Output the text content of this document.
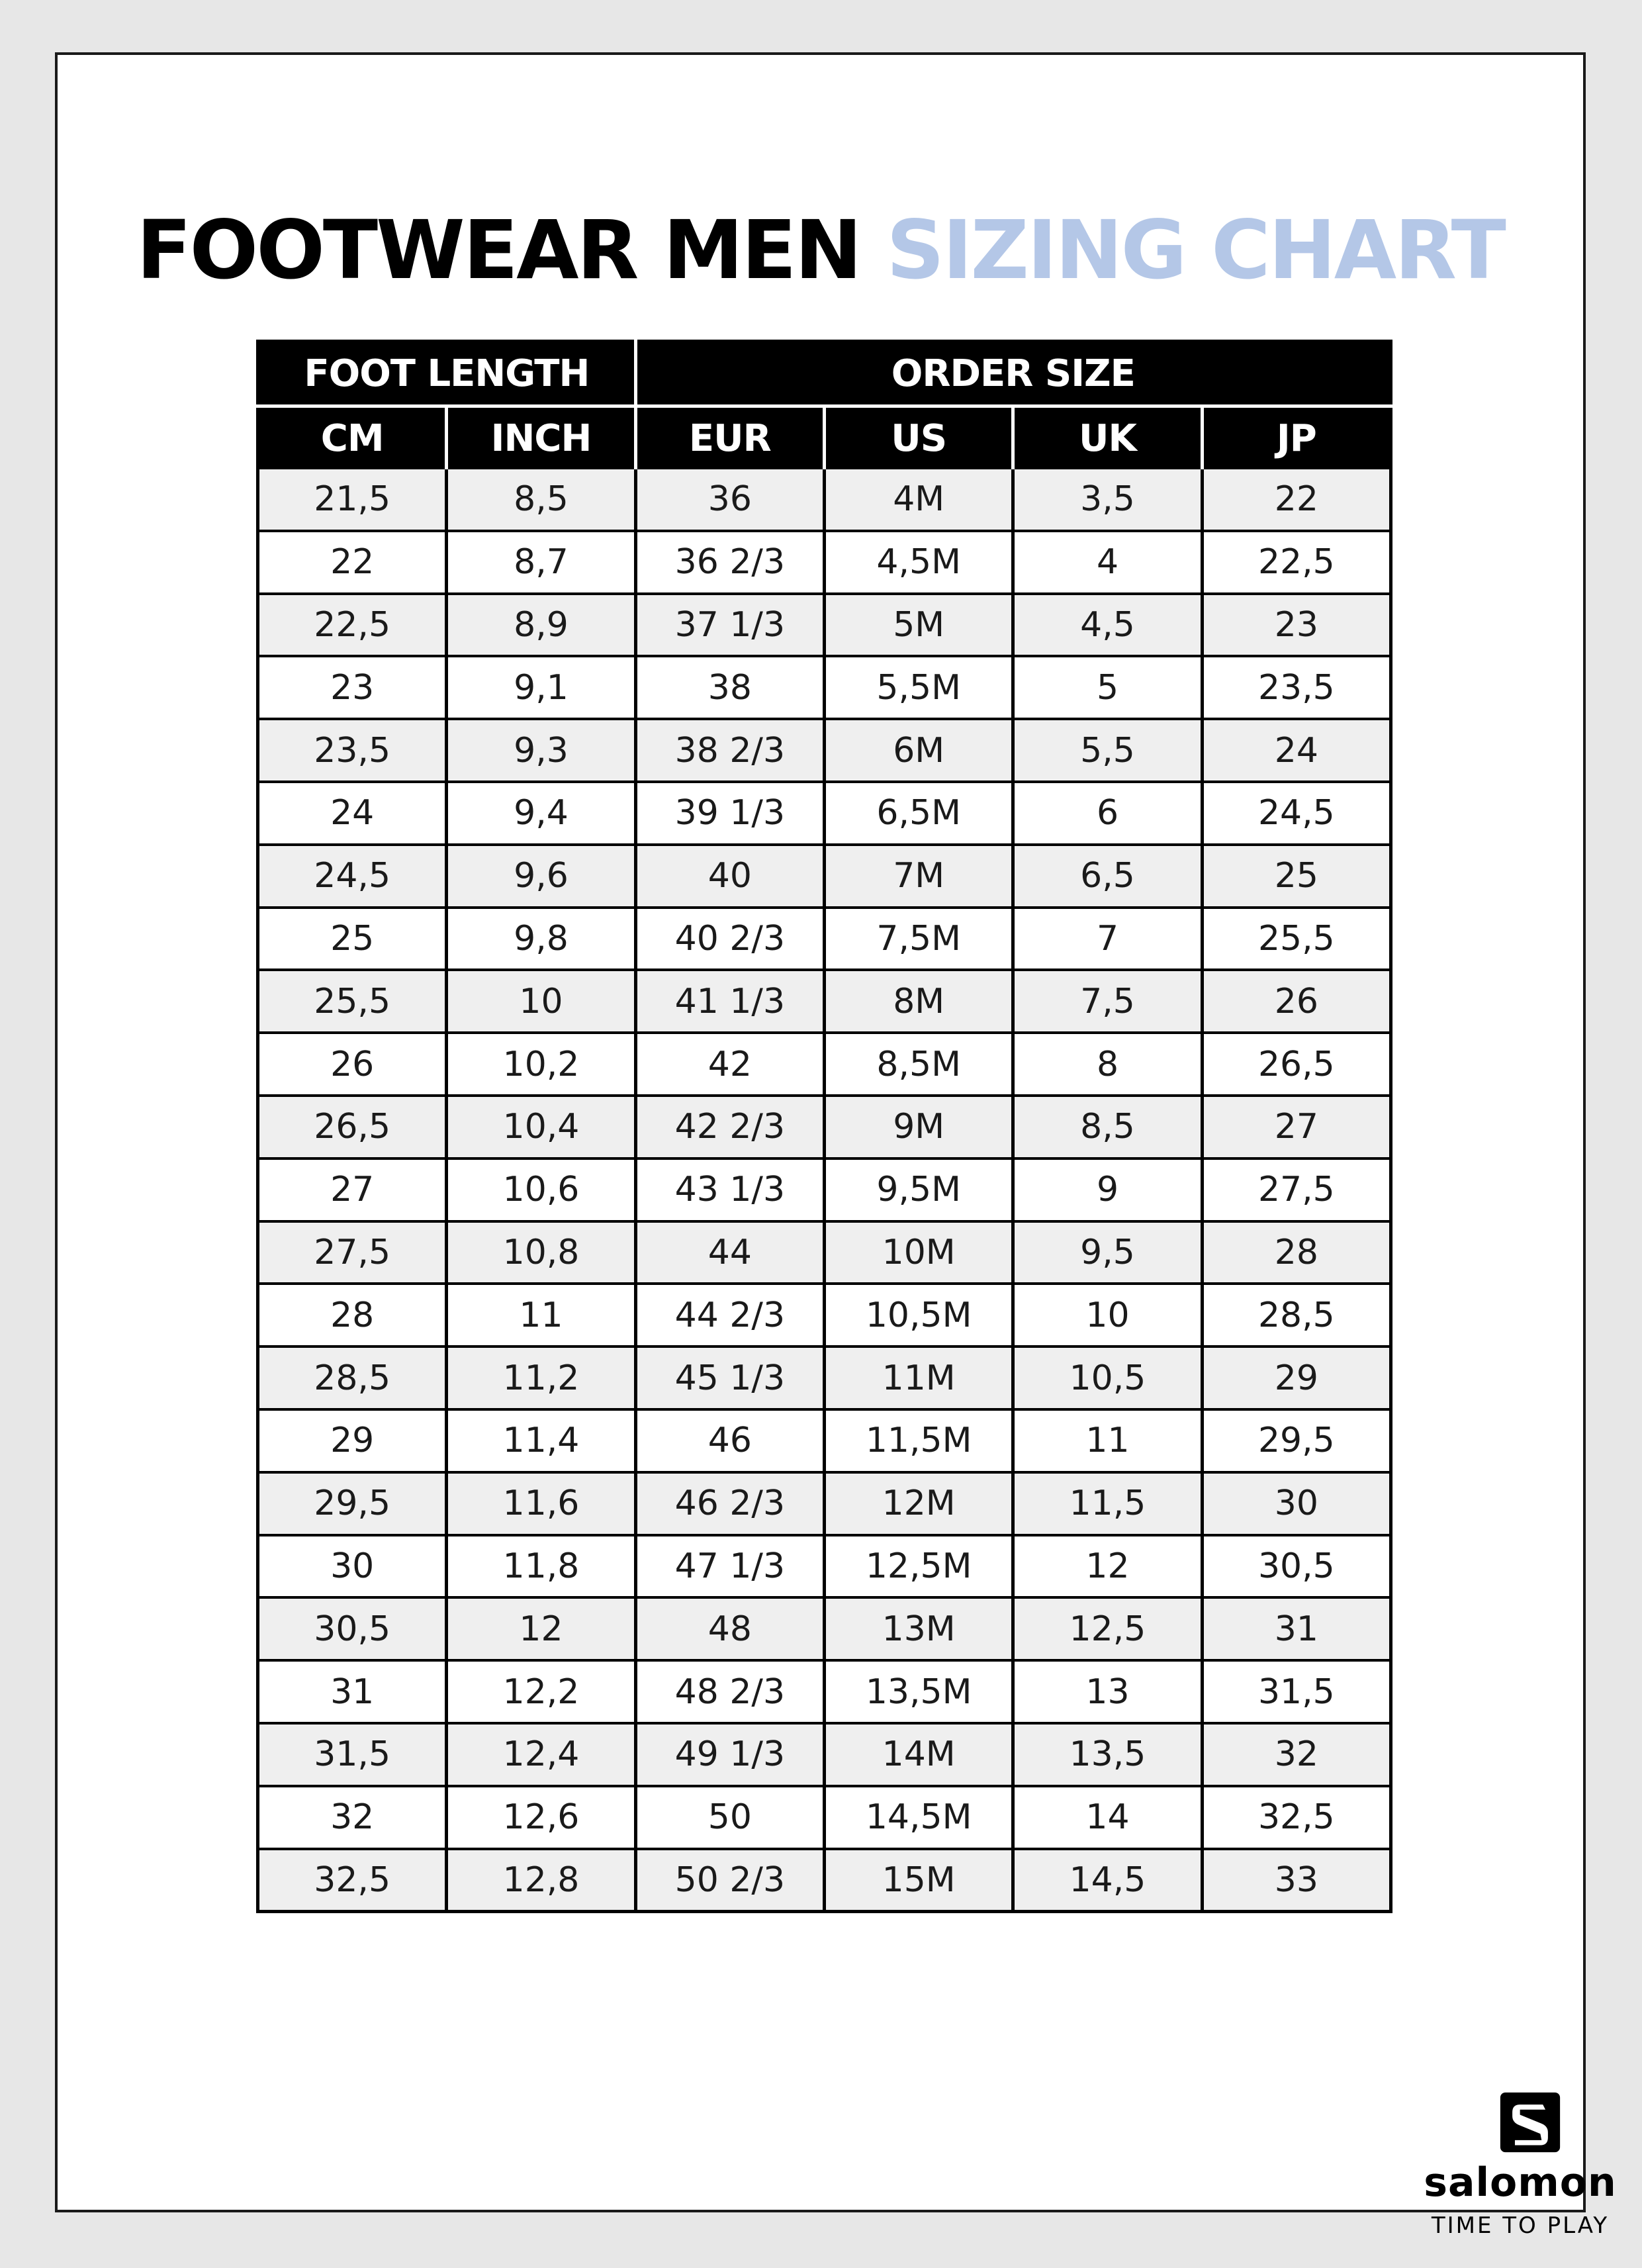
FOOTWEAR MEN SIZING CHART
FOOT LENGTH		ORDER SIZE			
CM	INCH	EUR	US	UK	JP
21,5	8,5	36	4M	3,5	22
22	8,7	36 2/3	4,5M	4	22,5
22,5	8,9	37 1/3	5M	4,5	23
23	9,1	38	5,5M	5	23,5
23,5	9,3	38 2/3	6M	5,5	24
24	9,4	39 1/3	6,5M	6	24,5
24,5	9,6	40	7M	6,5	25
25	9,8	40 2/3	7,5M	7	25,5
25,5	10	41 1/3	8M	7,5	26
26	10,2	42	8,5M	8	26,5
26,5	10,4	42 2/3	9M	8,5	27
27	10,6	43 1/3	9,5M	9	27,5
27,5	10,8	44	10M	9,5	28
28	11	44 2/3	10,5M	10	28,5
28,5	11,2	45 1/3	11M	10,5	29
29	11,4	46	11,5M	11	29,5
29,5	11,6	46 2/3	12M	11,5	30
30	11,8	47 1/3	12,5M	12	30,5
30,5	12	48	13M	12,5	31
31	12,2	48 2/3	13,5M	13	31,5
31,5	12,4	49 1/3	14M	13,5	32
32	12,6	50	14,5M	14	32,5
32,5	12,8	50 2/3	15M	14,5	33
salomon
TIME TO PLAY
